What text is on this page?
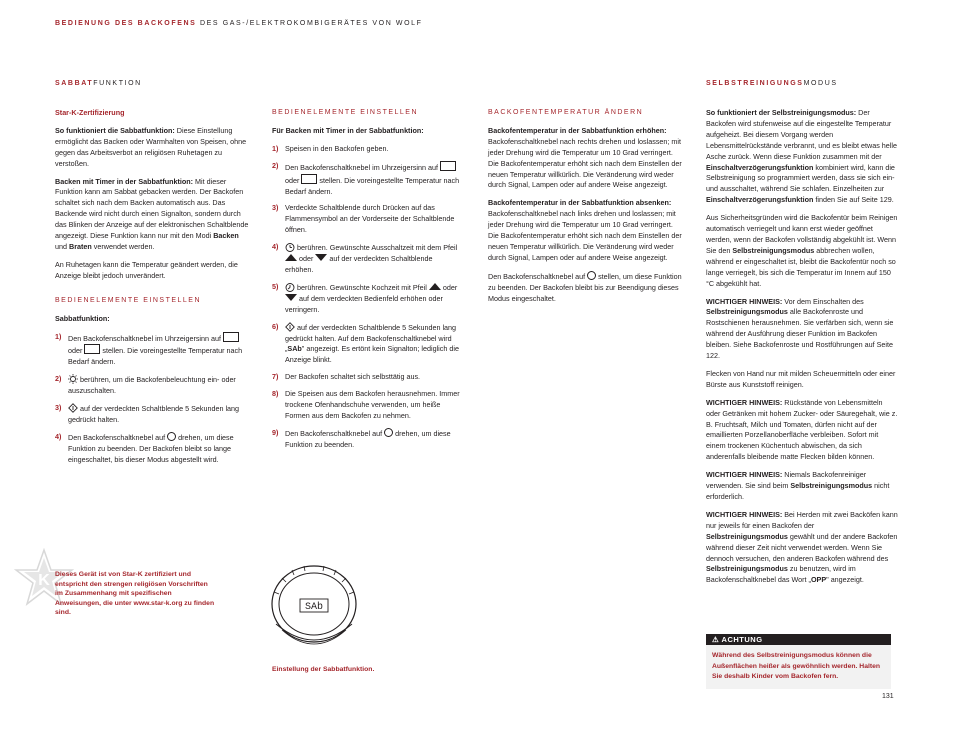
BEDIENUNG DES BACKOFENS DES GAS-/ELEKTROKOMBIGERÄTES VON WOLF
SABBATFUNKTION	SELBSTREINIGUNGSMODUS

Star-K-Zertifizierung

So funktioniert die Sabbatfunktion: Diese Einstellung ermöglicht das Backen oder Warmhalten von Speisen, ohne gegen das Arbeitsverbot an religiösen Ruhetagen zu verstoßen.

Backen mit Timer in der Sabbatfunktion: Mit dieser Funktion kann am Sabbat gebacken werden. Der Backofen schaltet sich nach dem Backen automatisch aus. Das Backende wird nicht durch einen Signalton, sondern durch das Blinken der Anzeige auf der elektronischen Schaltblende angezeigt. Diese Funktion kann nur mit den Modi Backen und Braten verwendet werden.

An Ruhetagen kann die Temperatur geändert werden, die Anzeige bleibt jedoch unverändert.

BEDIENELEMENTE EINSTELLEN

Sabbatfunktion:

1) Den Backofenschaltknebel im Uhrzeigersinn auf  oder  stellen. Die voreingestellte Temperatur nach Bedarf ändern.
2) berühren, um die Backofenbeleuchtung ein- oder auszuschalten.
3) auf der verdeckten Schaltblende 5 Sekunden lang gedrückt halten.
4) Den Backofenschaltknebel auf  drehen, um diese Funktion zu beenden. Der Backofen bleibt so lange eingeschaltet, bis dieser Modus abgestellt wird.

BEDIENELEMENTE EINSTELLEN

Für Backen mit Timer in der Sabbatfunktion:

1) Speisen in den Backofen geben.
2) Den Backofenschaltknebel im Uhrzeigersinn auf  oder  stellen. Die voreingestellte Temperatur nach Bedarf ändern.
3) Verdeckte Schaltblende durch Drücken auf das Flammensymbol an der Vorderseite der Schaltblende öffnen.
4) berühren. Gewünschte Ausschaltzeit mit dem Pfeil  oder  auf der verdeckten Schaltblende erhöhen.
5) berühren. Gewünschte Kochzeit mit Pfeil  oder  auf dem verdeckten Bedienfeld erhöhen oder verringern.
6) auf der verdeckten Schaltblende 5 Sekunden lang gedrückt halten. Auf dem Backofenschaltknebel wird „SAb" angezeigt. Es ertönt kein Signalton; lediglich die Anzeige blinkt.
7) Der Backofen schaltet sich selbsttätig aus.
8) Die Speisen aus dem Backofen herausnehmen. Immer trockene Ofenhandschuhe verwenden, um heiße Formen aus dem Backofen zu nehmen.
9) Den Backofenschaltknebel auf  drehen, um diese Funktion zu beenden.

BACKOFENTEMPERATUR ÄNDERN

Backofentemperatur in der Sabbatfunktion erhöhen: Backofenschaltknebel nach rechts drehen und loslassen; mit jeder Drehung wird die Temperatur um 10 Grad verringert. Die Backofentemperatur erhöht sich nach dem Einstellen der neuen Temperatur willkürlich. Die Veränderung wird weder durch Signal, Lampen oder auf andere Weise angezeigt.

Backofentemperatur in der Sabbatfunktion absenken: Backofenschaltknebel nach links drehen und loslassen; mit jeder Drehung wird die Temperatur um 10 Grad verringert. Die Backofentemperatur erhöht sich nach dem Einstellen der neuen Temperatur willkürlich. Die Veränderung wird weder durch Signal, Lampen oder auf andere Weise angezeigt.

Den Backofenschaltknebel auf  stellen, um diese Funktion zu beenden. Der Backofen bleibt bis zur Beendigung dieses Modus eingeschaltet.

So funktioniert der Selbstreinigungsmodus: Der Backofen wird stufenweise auf die eingestellte Temperatur aufgeheizt. Bei diesem Vorgang werden Lebensmittelrückstände verbrannt, und es bleibt etwas helle Asche zurück. Wenn diese Funktion zusammen mit der Einschaltverzögerungsfunktion kombiniert wird, kann die Selbstreinigung so programmiert werden, dass sie sich ein- und ausschaltet, während Sie schlafen. Einzelheiten zur Einschaltverzögerungsfunktion finden Sie auf Seite 129.

Aus Sicherheitsgründen wird die Backofentür beim Reinigen automatisch verriegelt und kann erst wieder geöffnet werden, wenn der Backofen vollständig abgekühlt ist. Wenn Sie den Selbstreinigungsmodus abbrechen wollen, während er eingeschaltet ist, bleibt die Backofentür noch so lange verriegelt, bis sich die Temperatur im Innern auf 150 °C abgekühlt hat.

WICHTIGER HINWEIS: Vor dem Einschalten des Selbstreinigungsmodus alle Backofenroste und Rostschienen herausnehmen. Sie verfärben sich, wenn sie während der Ausführung dieser Funktion im Backofen bleiben. Siehe Backofenroste und Rostführungen auf Seite 122.

Flecken von Hand nur mit milden Scheuermitteln oder einer Bürste aus Kunststoff reinigen.

WICHTIGER HINWEIS: Rückstände von Lebensmitteln oder Getränken mit hohem Zucker- oder Säuregehalt, wie z. B. Fruchtsaft, Milch und Tomaten, dürfen nicht auf der emaillierten Porzellanoberfläche verbleiben. Sofort mit einem trockenen Küchentuch abwischen, da sich anderenfalls bleibende matte Flecken bilden können.

WICHTIGER HINWEIS: Niemals Backofenreiniger verwenden. Sie sind beim Selbstreinigungsmodus nicht erforderlich.

WICHTIGER HINWEIS: Bei Herden mit zwei Backöfen kann nur jeweils für einen Backofen der Selbstreinigungsmodus gewählt und der andere Backofen während dieser Zeit nicht verwendet werden. Wenn Sie dennoch versuchen, den anderen Backofen während des Selbstreinigungsmodus zu benutzen, wird im Backofenschaltknebel das Wort „OPP" angezeigt.

⚠ ACHTUNG
Während des Selbstreinigungsmodus können die Außenflächen heißer als gewöhnlich werden. Halten Sie deshalb Kinder vom Backofen fern.
K Dieses Gerät ist von Star-K zertifiziert und entspricht den strengen religiösen Vorschriften im Zusammenhang mit spezifischen Anweisungen, die unter www.star-k.org zu finden sind.	SAb
Einstellung der Sabbatfunktion.
131
